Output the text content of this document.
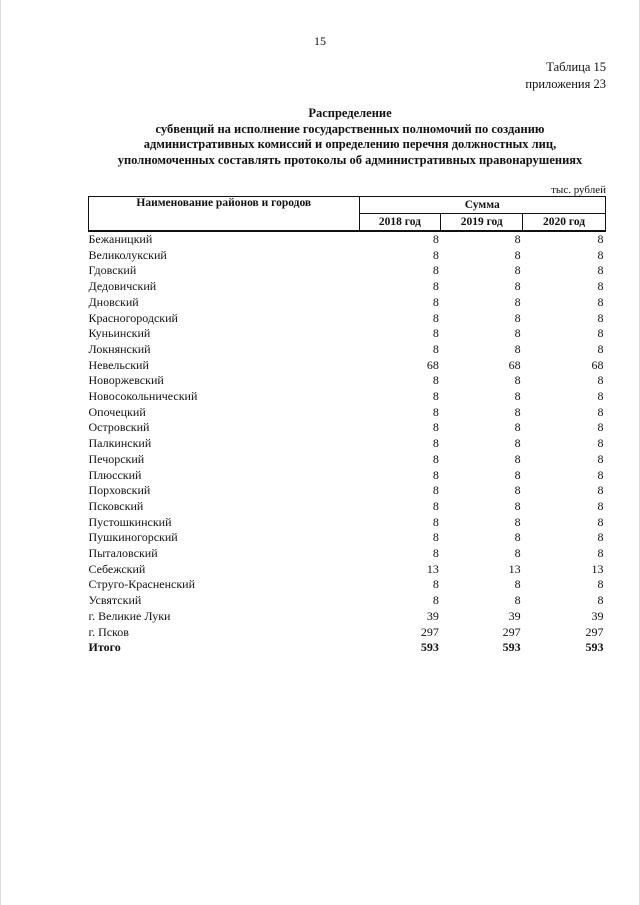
15
Таблица 15
приложения 23
Распределение
субвенций на исполнение государственных полномочий по созданию
административных комиссий и определению перечня должностных лиц,
уполномоченных составлять протоколы об административных правонарушениях
тыс. рублей
Наименование районов и городов	Сумма		
	2018 год	2019 год	2020 год
Бежаницкий	8	8	8
Великолукский	8	8	8
Гдовский	8	8	8
Дедовичский	8	8	8
Дновский	8	8	8
Красногородский	8	8	8
Куньинский	8	8	8
Локнянский	8	8	8
Невельский	68	68	68
Новоржевский	8	8	8
Новосокольнический	8	8	8
Опочецкий	8	8	8
Островский	8	8	8
Палкинский	8	8	8
Печорский	8	8	8
Плюсский	8	8	8
Порховский	8	8	8
Псковский	8	8	8
Пустошкинский	8	8	8
Пушкиногорский	8	8	8
Пыталовский	8	8	8
Себежский	13	13	13
Струго-Красненский	8	8	8
Усвятский	8	8	8
г. Великие Луки	39	39	39
г. Псков	297	297	297
Итого	593	593	593
